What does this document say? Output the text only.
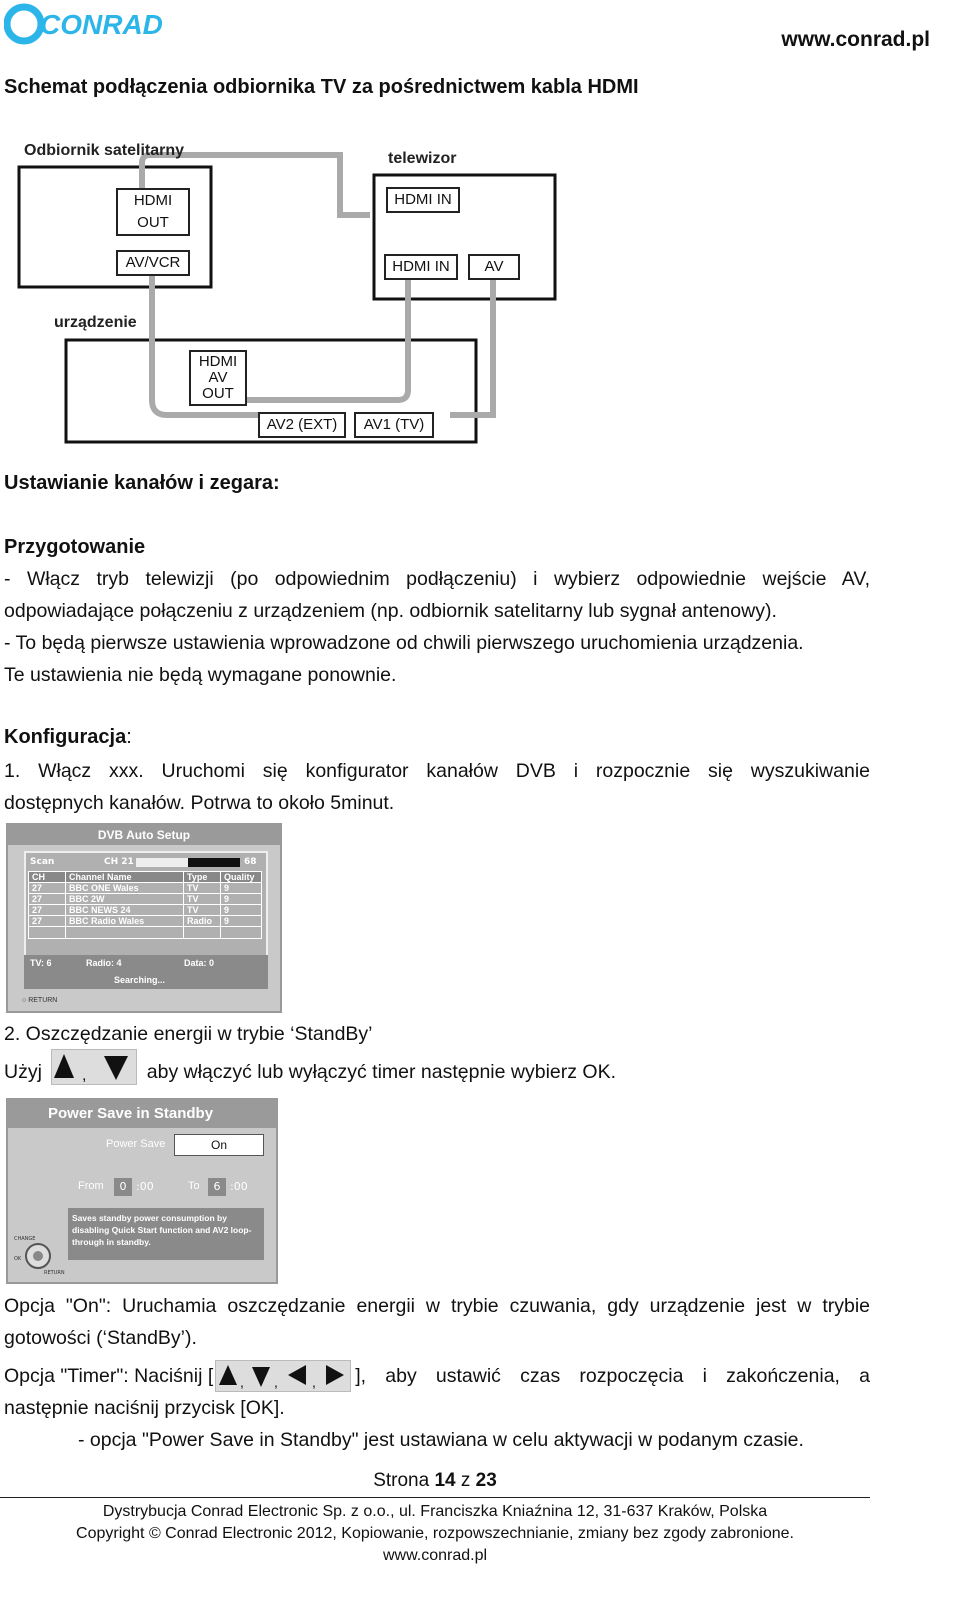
CONRAD	www.conrad.pl
Schemat podłączenia odbiornika TV za pośrednictwem kabla HDMI
Odbiornik satelitarny	telewizor
urządzenie
HDMI OUT
AV/VCR
HDMI IN
HDMI IN	AV
HDMI
AV OUT
AV2 (EXT)	AV1 (TV)
Ustawianie kanałów i zegara:
Przygotowanie
- Włącz tryb telewizji (po odpowiednim podłączeniu) i wybierz odpowiednie wejście AV,
odpowiadające połączeniu z urządzeniem (np. odbiornik satelitarny lub sygnał antenowy).
- To będą pierwsze ustawienia wprowadzone od chwili pierwszego uruchomienia urządzenia.
Te ustawienia nie będą wymagane ponownie.
Konfiguracja:
1. Włącz xxx. Uruchomi się konfigurator kanałów DVB i rozpocznie się wyszukiwanie
dostępnych kanałów. Potrwa to około 5minut.
DVB Auto Setup
Scan	CH 21	68
CH	Channel Name	Type	Quality
27	BBC ONE Wales	TV	9
27	BBC 2W	TV	9
27	BBC NEWS 24	TV	9
27	BBC Radio Wales	Radio	9

TV: 6	Radio: 4	Data: 0
Searching...
○ RETURN
2. Oszczędzanie energii w trybie ‘StandBy’
Użyj	,	aby włączyć lub wyłączyć timer następnie wybierz OK.
Power Save in Standby
Power Save	On
From	0 :00	To	6 :00
Saves standby power consumption by disabling Quick Start function and AV2 loop-through in standby.
CHANGE
OK
RETURN
Opcja "On": Uruchamia oszczędzanie energii w trybie czuwania, gdy urządzenie jest w trybie
gotowości (‘StandBy’).
Opcja "Timer": Naciśnij [ , , , ], aby ustawić czas rozpoczęcia i zakończenia, a
następnie naciśnij przycisk [OK].
- opcja "Power Save in Standby" jest ustawiana w celu aktywacji w podanym czasie.
Strona 14 z 23
Dystrybucja Conrad Electronic Sp. z o.o., ul. Franciszka Kniaźnina 12, 31-637 Kraków, Polska
Copyright © Conrad Electronic 2012, Kopiowanie, rozpowszechnianie, zmiany bez zgody zabronione.
www.conrad.pl
